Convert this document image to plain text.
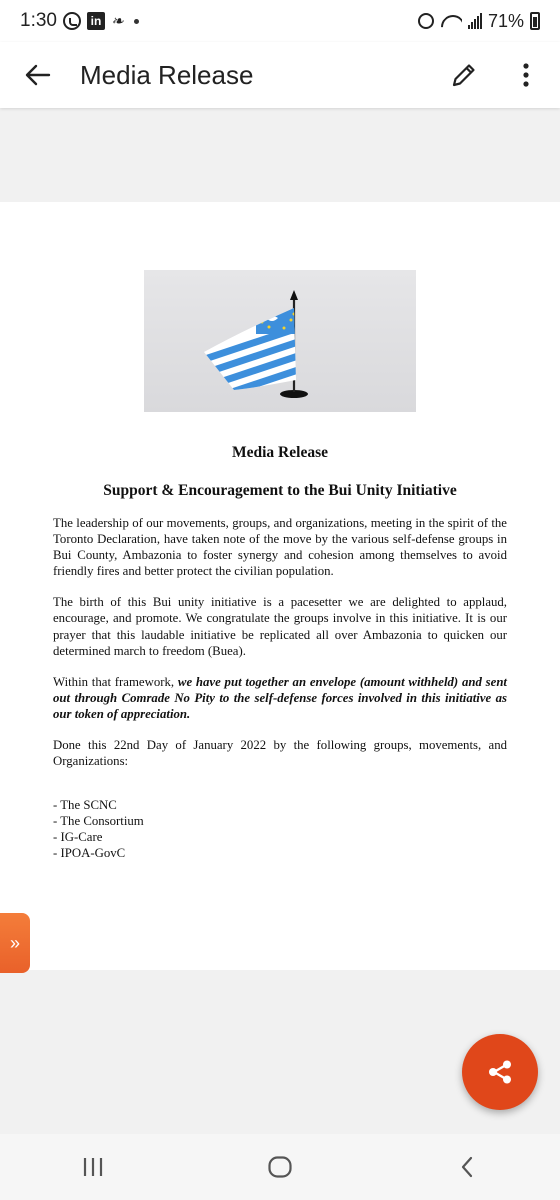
1:30	in ❧	71%
Media Release
Media Release
Support & Encouragement to the Bui Unity Initiative

The leadership of our movements, groups, and organizations, meeting in the spirit of the Toronto Declaration, have taken note of the move by the various self-defense groups in Bui County, Ambazonia to foster synergy and cohesion among themselves to avoid friendly fires and better protect the civilian population.

The birth of this Bui unity initiative is a pacesetter we are delighted to applaud, encourage, and promote. We congratulate the groups involve in this initiative. It is our prayer that this laudable initiative be replicated all over Ambazonia to quicken our determined march to freedom (Buea).

Within that framework, we have put together an envelope (amount withheld) and sent out through Comrade No Pity to the self-defense forces involved in this initiative as our token of appreciation.

Done this 22nd Day of January 2022 by the following groups, movements, and Organizations:

- The SCNC
- The Consortium
- IG-Care
- IPOA-GovC
»
